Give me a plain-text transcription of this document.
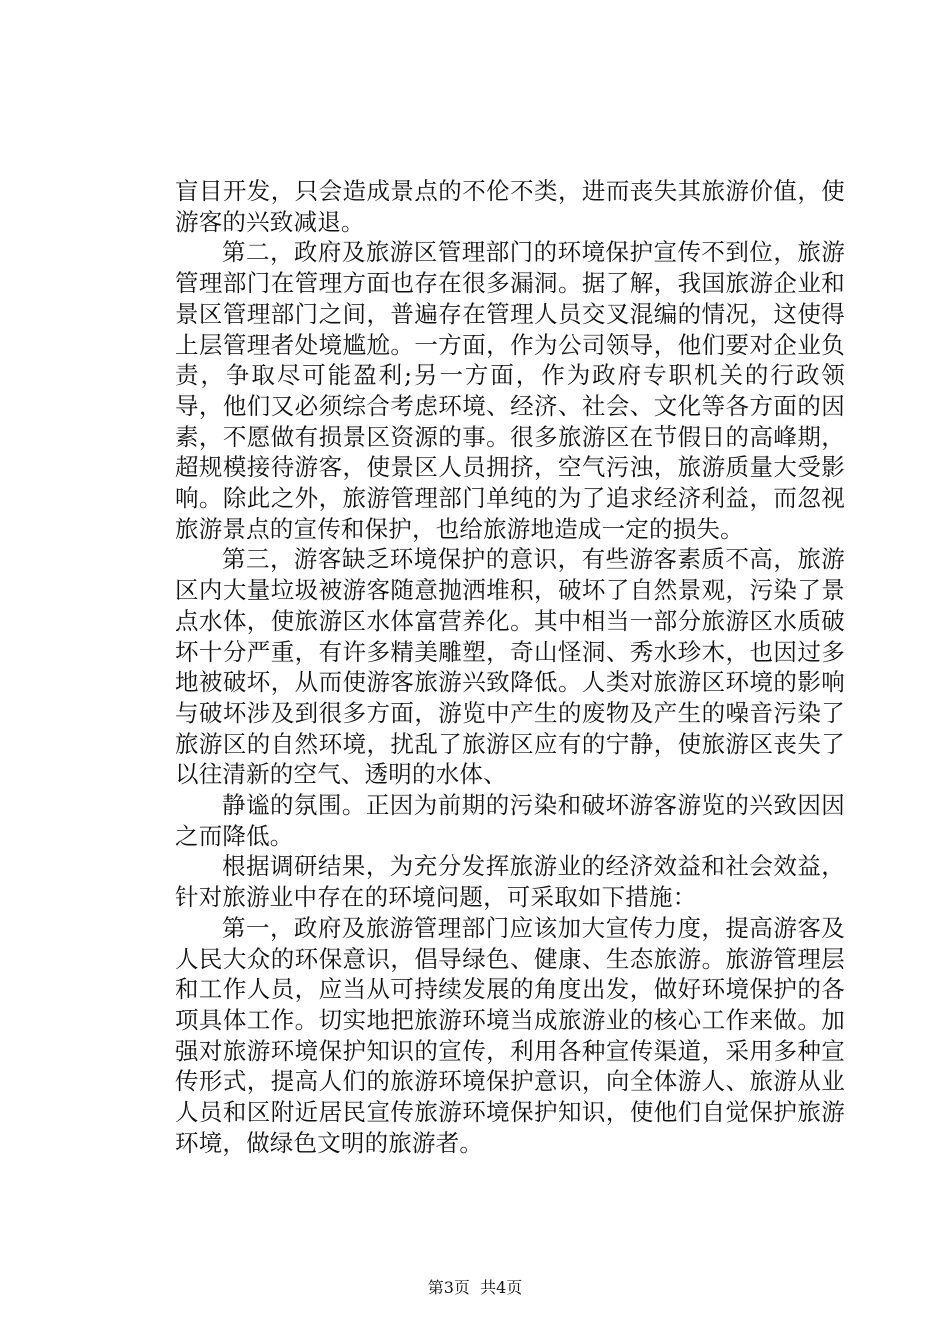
盲目开发，只会造成景点的不伦不类，进而丧失其旅游价值，使游客的兴致减退。

第二，政府及旅游区管理部门的环境保护宣传不到位，旅游管理部门在管理方面也存在很多漏洞。据了解，我国旅游企业和景区管理部门之间，普遍存在管理人员交叉混编的情况，这使得上层管理者处境尴尬。一方面，作为公司领导，他们要对企业负责，争取尽可能盈利;另一方面，作为政府专职机关的行政领导，他们又必须综合考虑环境、经济、社会、文化等各方面的因素，不愿做有损景区资源的事。很多旅游区在节假日的高峰期，超规模接待游客，使景区人员拥挤，空气污浊，旅游质量大受影响。除此之外，旅游管理部门单纯的为了追求经济利益，而忽视旅游景点的宣传和保护，也给旅游地造成一定的损失。

第三，游客缺乏环境保护的意识，有些游客素质不高，旅游区内大量垃圾被游客随意抛洒堆积，破坏了自然景观，污染了景点水体，使旅游区水体富营养化。其中相当一部分旅游区水质破坏十分严重，有许多精美雕塑，奇山怪洞、秀水珍木，也因过多地被破坏，从而使游客旅游兴致降低。人类对旅游区环境的影响与破坏涉及到很多方面，游览中产生的废物及产生的噪音污染了旅游区的自然环境，扰乱了旅游区应有的宁静，使旅游区丧失了以往清新的空气、透明的水体、

静谧的氛围。正因为前期的污染和破坏游客游览的兴致因因之而降低。

根据调研结果，为充分发挥旅游业的经济效益和社会效益，针对旅游业中存在的环境问题，可采取如下措施：

第一，政府及旅游管理部门应该加大宣传力度，提高游客及人民大众的环保意识，倡导绿色、健康、生态旅游。旅游管理层和工作人员，应当从可持续发展的角度出发，做好环境保护的各项具体工作。切实地把旅游环境当成旅游业的核心工作来做。加强对旅游环境保护知识的宣传，利用各种宣传渠道，采用多种宣传形式，提高人们的旅游环境保护意识，向全体游人、旅游从业人员和区附近居民宣传旅游环境保护知识，使他们自觉保护旅游环境，做绿色文明的旅游者。

第3页  共4页
